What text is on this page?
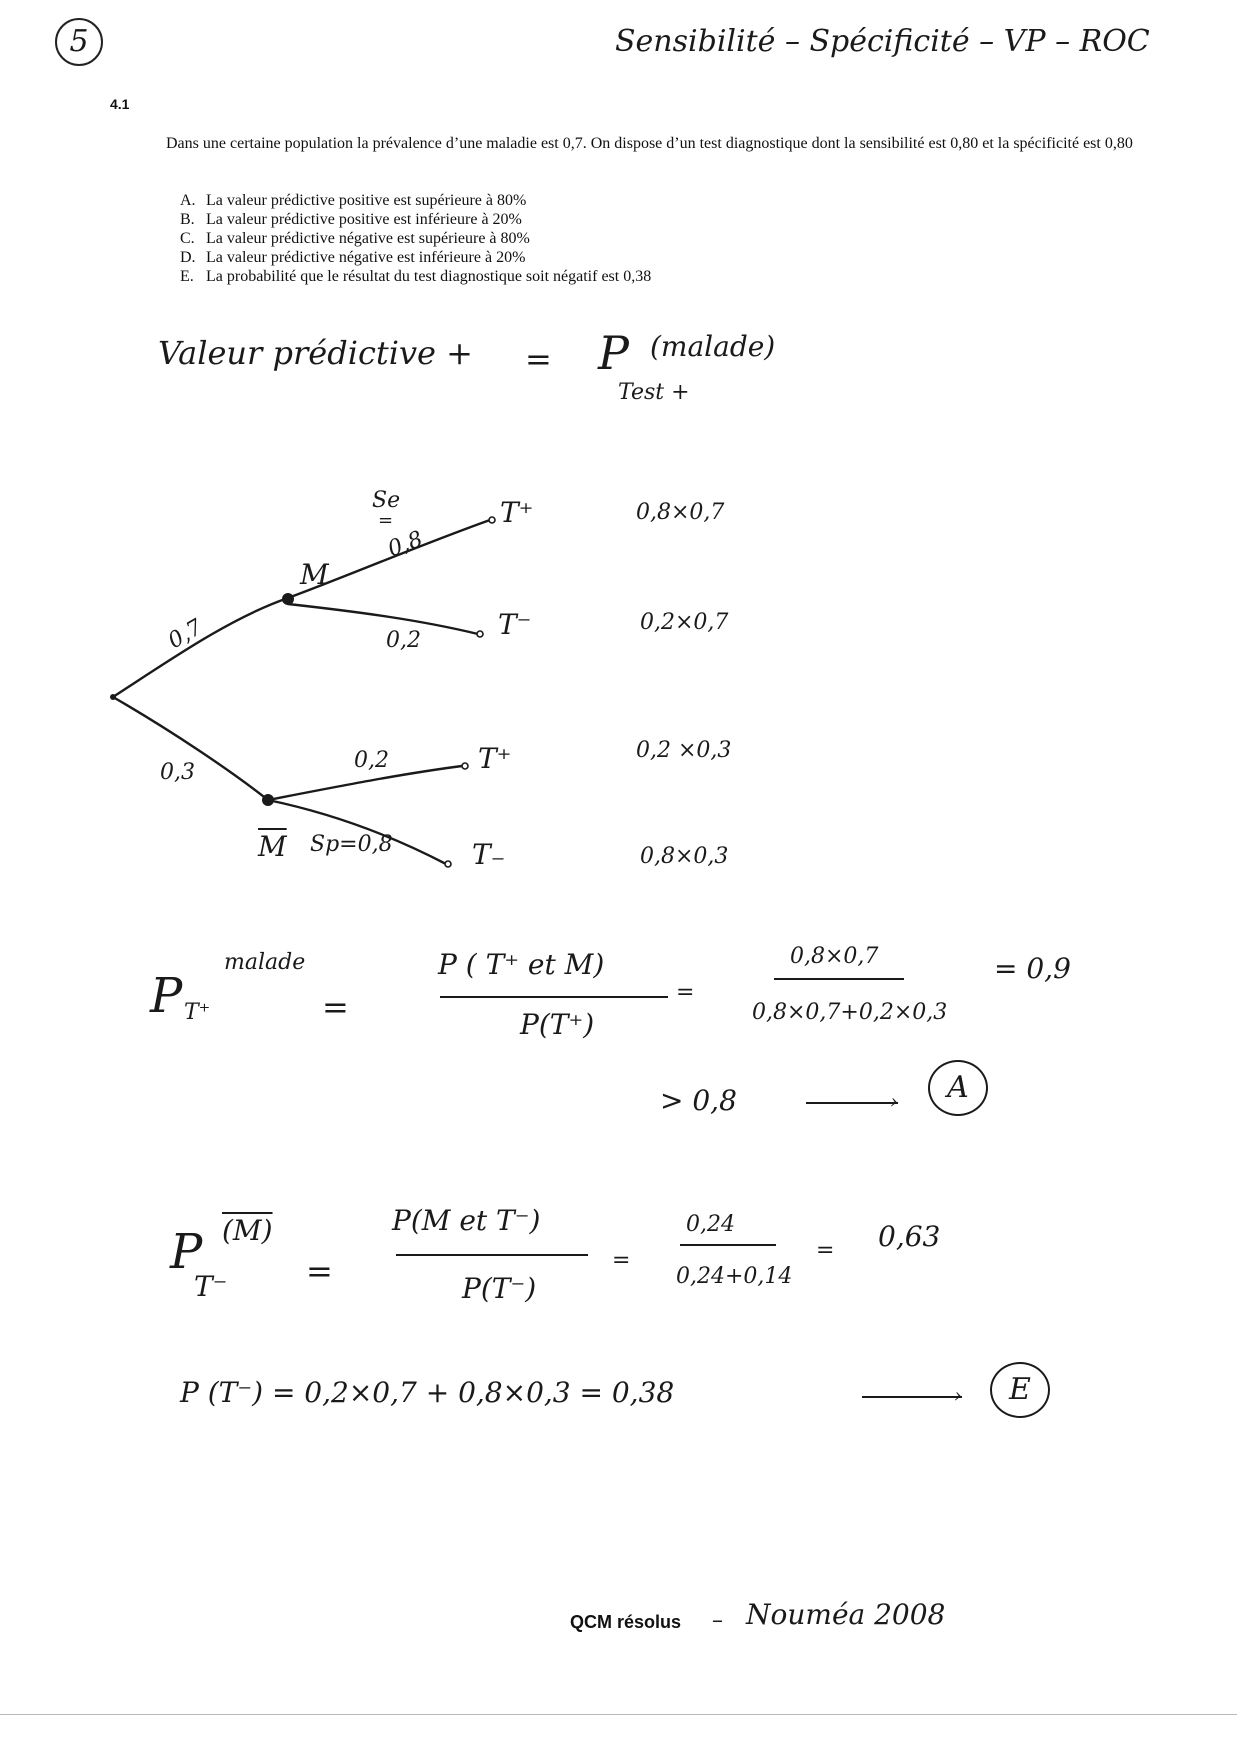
5	Sensibilité – Spécificité – VP – ROC
4.1
Dans une certaine population la prévalence d’une maladie est 0,7. On dispose d’un test diagnostique dont la sensibilité est 0,80 et la spécificité est 0,80
A. La valeur prédictive positive est supérieure à 80%
B. La valeur prédictive positive est inférieure à 20%
C. La valeur prédictive négative est supérieure à 80%
D. La valeur prédictive négative est inférieure à 20%
E. La probabilité que le résultat du test diagnostique soit négatif est 0,38
Valeur prédictive + = P (malade)
Test +
0,7
0,3
M
$\overline{M}$
Se
=
0,8
0,2
0,2
Sp=0,8
T⁺
T⁻
T⁺
T₋
0,8×0,7
0,2×0,7
0,2 ×0,3
0,8×0,3
P
malade
T⁺	=
P ( T⁺ et M)
P(T⁺)
=
0,8×0,7
0,8×0,7+0,2×0,3
= 0,9
> 0,8	›	A
P (M)
T⁻ =
P(M et T⁻)
P(T⁻)
=
0,24
0,24+0,14
= 0,63
P (T⁻) = 0,2×0,7 + 0,8×0,3 = 0,38	›	E
QCM résolus – Nouméa 2008
